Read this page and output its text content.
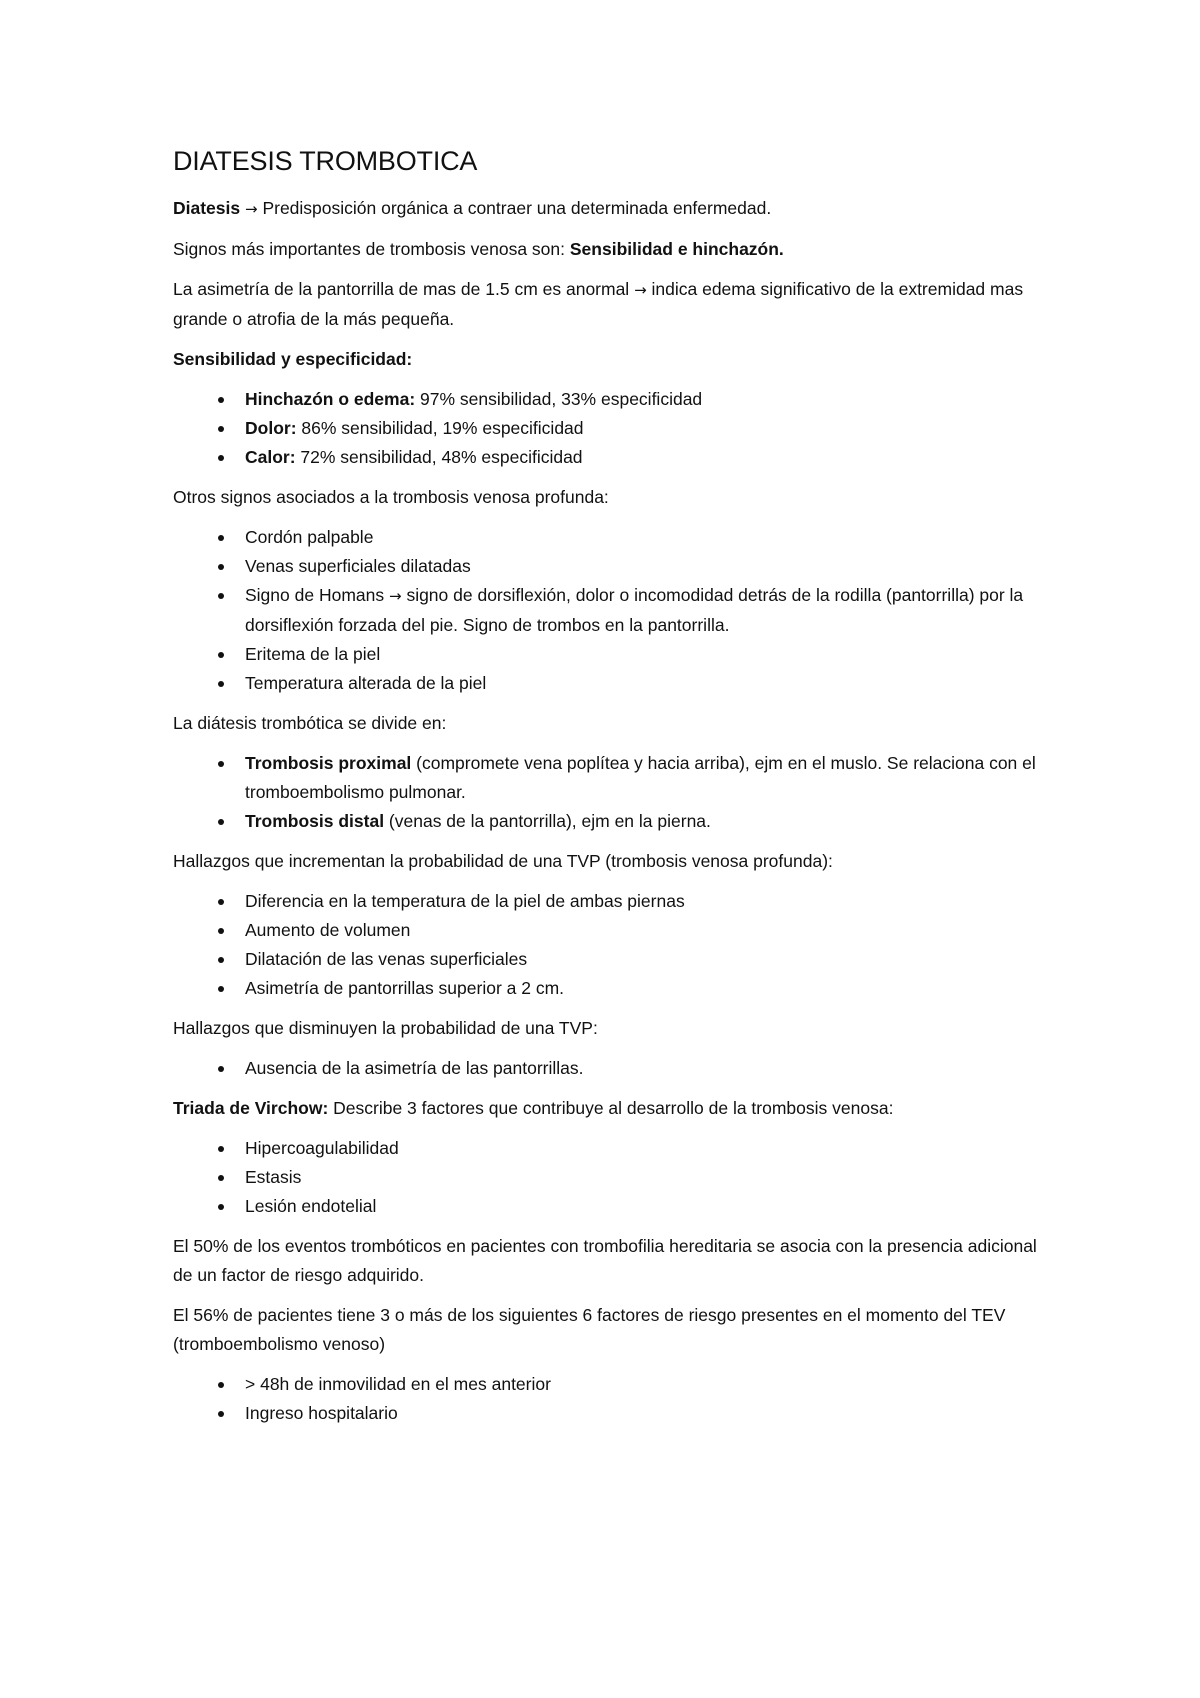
DIATESIS TROMBOTICA

Diatesis → Predisposición orgánica a contraer una determinada enfermedad.

Signos más importantes de trombosis venosa son: Sensibilidad e hinchazón.

La asimetría de la pantorrilla de mas de 1.5 cm es anormal → indica edema significativo de la extremidad mas grande o atrofia de la más pequeña.

Sensibilidad y especificidad:

Hinchazón o edema: 97% sensibilidad, 33% especificidad
Dolor: 86% sensibilidad, 19% especificidad
Calor: 72% sensibilidad, 48% especificidad

Otros signos asociados a la trombosis venosa profunda:

Cordón palpable
Venas superficiales dilatadas
Signo de Homans → signo de dorsiflexión, dolor o incomodidad detrás de la rodilla (pantorrilla) por la dorsiflexión forzada del pie. Signo de trombos en la pantorrilla.
Eritema de la piel
Temperatura alterada de la piel

La diátesis trombótica se divide en:

Trombosis proximal (compromete vena poplítea y hacia arriba), ejm en el muslo. Se relaciona con el tromboembolismo pulmonar.
Trombosis distal (venas de la pantorrilla), ejm en la pierna.

Hallazgos que incrementan la probabilidad de una TVP (trombosis venosa profunda):

Diferencia en la temperatura de la piel de ambas piernas
Aumento de volumen
Dilatación de las venas superficiales
Asimetría de pantorrillas superior a 2 cm.

Hallazgos que disminuyen la probabilidad de una TVP:

Ausencia de la asimetría de las pantorrillas.

Triada de Virchow: Describe 3 factores que contribuye al desarrollo de la trombosis venosa:

Hipercoagulabilidad
Estasis
Lesión endotelial

El 50% de los eventos trombóticos en pacientes con trombofilia hereditaria se asocia con la presencia adicional de un factor de riesgo adquirido.

El 56% de pacientes tiene 3 o más de los siguientes 6 factores de riesgo presentes en el momento del TEV (tromboembolismo venoso)

> 48h de inmovilidad en el mes anterior
Ingreso hospitalario
